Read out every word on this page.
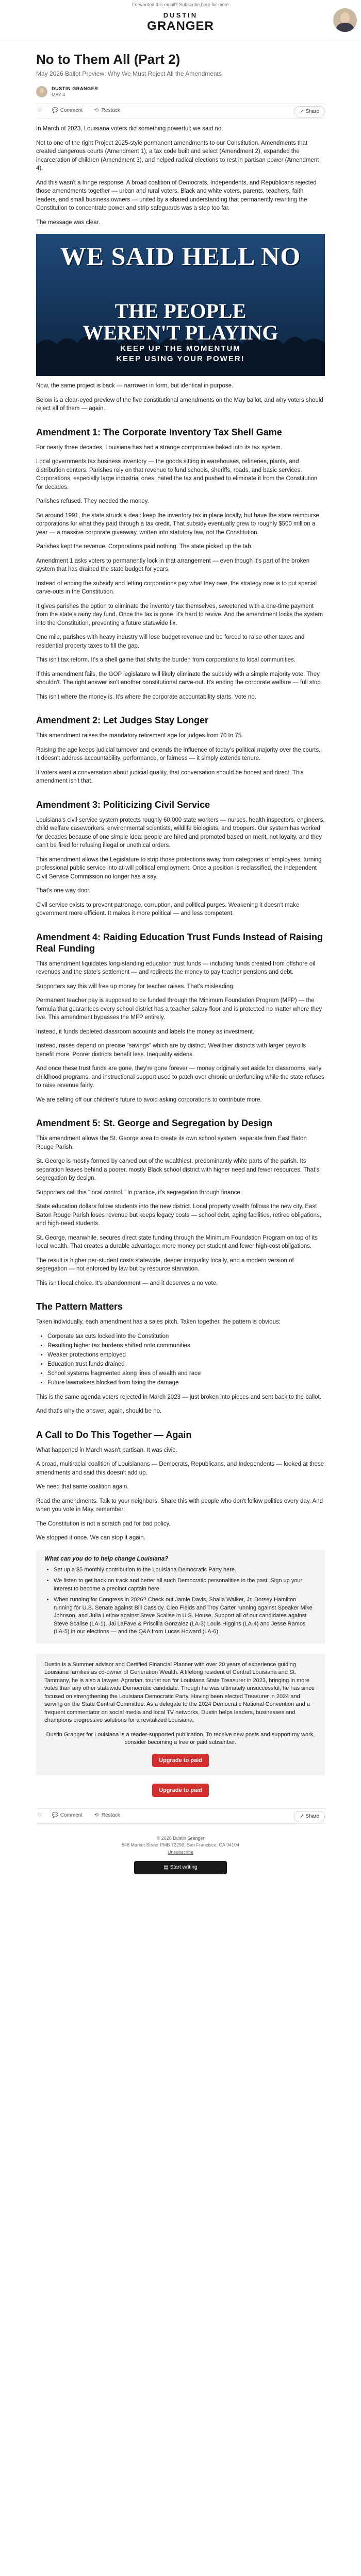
Forwarded this email? Subscribe here for more
DUSTIN
GRANGER
No to Them All (Part 2)
May 2026 Ballot Preview: Why We Must Reject All the Amendments
DUSTIN GRANGER
MAY 4
♡ 💬 Comment ⟲ Restack	↗ Share

In March of 2023, Louisiana voters did something powerful: we said no.

Not to one of the right Project 2025-style permanent amendments to our Constitution. Amendments that created dangerous courts (Amendment 1), a tax code built and select (Amendment 2), expanded the incarceration of children (Amendment 3), and helped radical elections to rest in partisan power (Amendment 4).

And this wasn't a fringe response. A broad coalition of Democrats, Independents, and Republicans rejected those amendments together — urban and rural voters, Black and white voters, parents, teachers, faith leaders, and small business owners — united by a shared understanding that permanently rewriting the Constitution to concentrate power and strip safeguards was a step too far.

The message was clear.

WE SAID HELL NO
THE PEOPLE
WEREN'T PLAYING
KEEP UP THE MOMENTUM
KEEP USING YOUR POWER!

Now, the same project is back — narrower in form, but identical in purpose.

Below is a clear-eyed preview of the five constitutional amendments on the May ballot, and why voters should reject all of them — again.

Amendment 1: The Corporate Inventory Tax Shell Game

For nearly three decades, Louisiana has had a strange compromise baked into its tax system.

Local governments tax business inventory — the goods sitting in warehouses, refineries, plants, and distribution centers. Parishes rely on that revenue to fund schools, sheriffs, roads, and basic services. Corporations, especially large industrial ones, hated the tax and pushed to eliminate it from the Constitution for decades.

Parishes refused. They needed the money.

So around 1991, the state struck a deal: keep the inventory tax in place locally, but have the state reimburse corporations for what they paid through a tax credit. That subsidy eventually grew to roughly $500 million a year — a massive corporate giveaway, written into statutory law, not the Constitution.

Parishes kept the revenue. Corporations paid nothing. The state picked up the tab.

Amendment 1 asks voters to permanently lock in that arrangement — even though it's part of the broken system that has drained the state budget for years.

Instead of ending the subsidy and letting corporations pay what they owe, the strategy now is to put special carve-outs in the Constitution.

It gives parishes the option to eliminate the inventory tax themselves, sweetened with a one-time payment from the state's rainy day fund. Once the tax is gone, it's hard to revive. And the amendment locks the system into the Constitution, preventing a future statewide fix.

One mile, parishes with heavy industry will lose budget revenue and be forced to raise other taxes and residential property taxes to fill the gap.

This isn't tax reform. It's a shell game that shifts the burden from corporations to local communities.

If this amendment fails, the GOP legislature will likely eliminate the subsidy with a simple majority vote. They shouldn't. The right answer isn't another constitutional carve-out. It's ending the corporate welfare — full stop.

This isn't where the money is. It's where the corporate accountability starts. Vote no.

Amendment 2: Let Judges Stay Longer

This amendment raises the mandatory retirement age for judges from 70 to 75.

Raising the age keeps judicial turnover and extends the influence of today's political majority over the courts. It doesn't address accountability, performance, or fairness — it simply extends tenure.

If voters want a conversation about judicial quality, that conversation should be honest and direct. This amendment isn't that.

Amendment 3: Politicizing Civil Service

Louisiana's civil service system protects roughly 60,000 state workers — nurses, health inspectors, engineers, child welfare caseworkers, environmental scientists, wildlife biologists, and troopers. Our system has worked for decades because of one simple idea: people are hired and promoted based on merit, not loyalty, and they can't be fired for refusing illegal or unethical orders.

This amendment allows the Legislature to strip those protections away from categories of employees, turning professional public service into at-will political employment. Once a position is reclassified, the independent Civil Service Commission no longer has a say.

That's one way door.

Civil service exists to prevent patronage, corruption, and political purges. Weakening it doesn't make government more efficient. It makes it more political — and less competent.

Amendment 4: Raiding Education Trust Funds Instead of Raising Real Funding

This amendment liquidates long-standing education trust funds — including funds created from offshore oil revenues and the state's settlement — and redirects the money to pay teacher pensions and debt.

Supporters say this will free up money for teacher raises. That's misleading.

Permanent teacher pay is supposed to be funded through the Minimum Foundation Program (MFP) — the formula that guarantees every school district has a teacher salary floor and is protected no matter where they live. This amendment bypasses the MFP entirely.

Instead, it funds depleted classroom accounts and labels the money as investment.

Instead, raises depend on precise "savings" which are by district. Wealthier districts with larger payrolls benefit more. Poorer districts benefit less. Inequality widens.

And once these trust funds are gone, they're gone forever — money originally set aside for classrooms, early childhood programs, and instructional support used to patch over chronic underfunding while the state refuses to raise revenue fairly.

We are selling off our children's future to avoid asking corporations to contribute more.

Amendment 5: St. George and Segregation by Design

This amendment allows the St. George area to create its own school system, separate from East Baton Rouge Parish.

St. George is mostly formed by carved out of the wealthiest, predominantly white parts of the parish. Its separation leaves behind a poorer, mostly Black school district with higher need and fewer resources. That's segregation by design.

Supporters call this "local control." In practice, it's segregation through finance.

State education dollars follow students into the new district. Local property wealth follows the new city. East Baton Rouge Parish loses revenue but keeps legacy costs — school debt, aging facilities, retiree obligations, and high-need students.

St. George, meanwhile, secures direct state funding through the Minimum Foundation Program on top of its local wealth. That creates a durable advantage: more money per student and fewer high-cost obligations.

The result is higher per-student costs statewide, deeper inequality locally, and a modern version of segregation — not enforced by law but by resource starvation.

This isn't local choice. It's abandonment — and it deserves a no vote.

The Pattern Matters

Taken individually, each amendment has a sales pitch. Taken together, the pattern is obvious:

• Corporate tax cuts locked into the Constitution
• Resulting higher tax burdens shifted onto communities
• Weaker protections employed
• Education trust funds drained
• School systems fragmented along lines of wealth and race
• Future lawmakers blocked from fixing the damage

This is the same agenda voters rejected in March 2023 — just broken into pieces and sent back to the ballot.

And that's why the answer, again, should be no.

A Call to Do This Together — Again

What happened in March wasn't partisan. It was civic.

A broad, multiracial coalition of Louisianans — Democrats, Republicans, and Independents — looked at these amendments and said this doesn't add up.

We need that same coalition again.

Read the amendments. Talk to your neighbors. Share this with people who don't follow politics every day. And when you vote in May, remember:

The Constitution is not a scratch pad for bad policy.

We stopped it once. We can stop it again.

What can you do to help change Louisiana?
• Set up a $5 monthly contribution to the Louisiana Democratic Party here.
• We listen to get back on track and better all such Democratic personalities in the past. Sign up your interest to become a precinct captain here.
• When running for Congress in 2026? Check out Jamie Davis, Shalia Walker, Jr. Dorsey Hamilton running for U.S. Senate against Bill Cassidy. Cleo Fields and Troy Carter running against Speaker Mike Johnson, and Julia Letlow against Steve Scalise in U.S. House. Support all of our candidates against Steve Scalise (LA-1), Jai LaFave & Priscilla Gonzalez (LA-3) Louis Higgins (LA-4) and Jesse Ramos (LA-5) in our elections — and the Q&A from Lucas Howard (LA-6).

Dustin is a Summer advisor and Certified Financial Planner with over 20 years of experience guiding Louisiana families as co-owner of Generation Wealth. A lifelong resident of Central Louisiana and St. Tammany, he is also a lawyer, Agrarian, tourist run for Louisiana State Treasurer in 2023, bringing in more votes than any other statewide Democratic candidate. Though he was ultimately unsuccessful, he has since focused on strengthening the Louisiana Democratic Party. Having been elected Treasurer in 2024 and serving on the State Central Committee. As a delegate to the 2024 Democratic National Convention and a frequent commentator on social media and local TV networks, Dustin helps leaders, businesses and champions progressive solutions for a revitalized Louisiana.

Dustin Granger for Louisiana is a reader-supported publication. To receive new posts and support my work, consider becoming a free or paid subscriber.
Upgrade to paid
Upgrade to paid
♡ 💬 Comment ⟲ Restack	↗ Share
© 2026 Dustin Granger
548 Market Street PMB 72296, San Francisco, CA 94104
Unsubscribe
▤ Start writing
